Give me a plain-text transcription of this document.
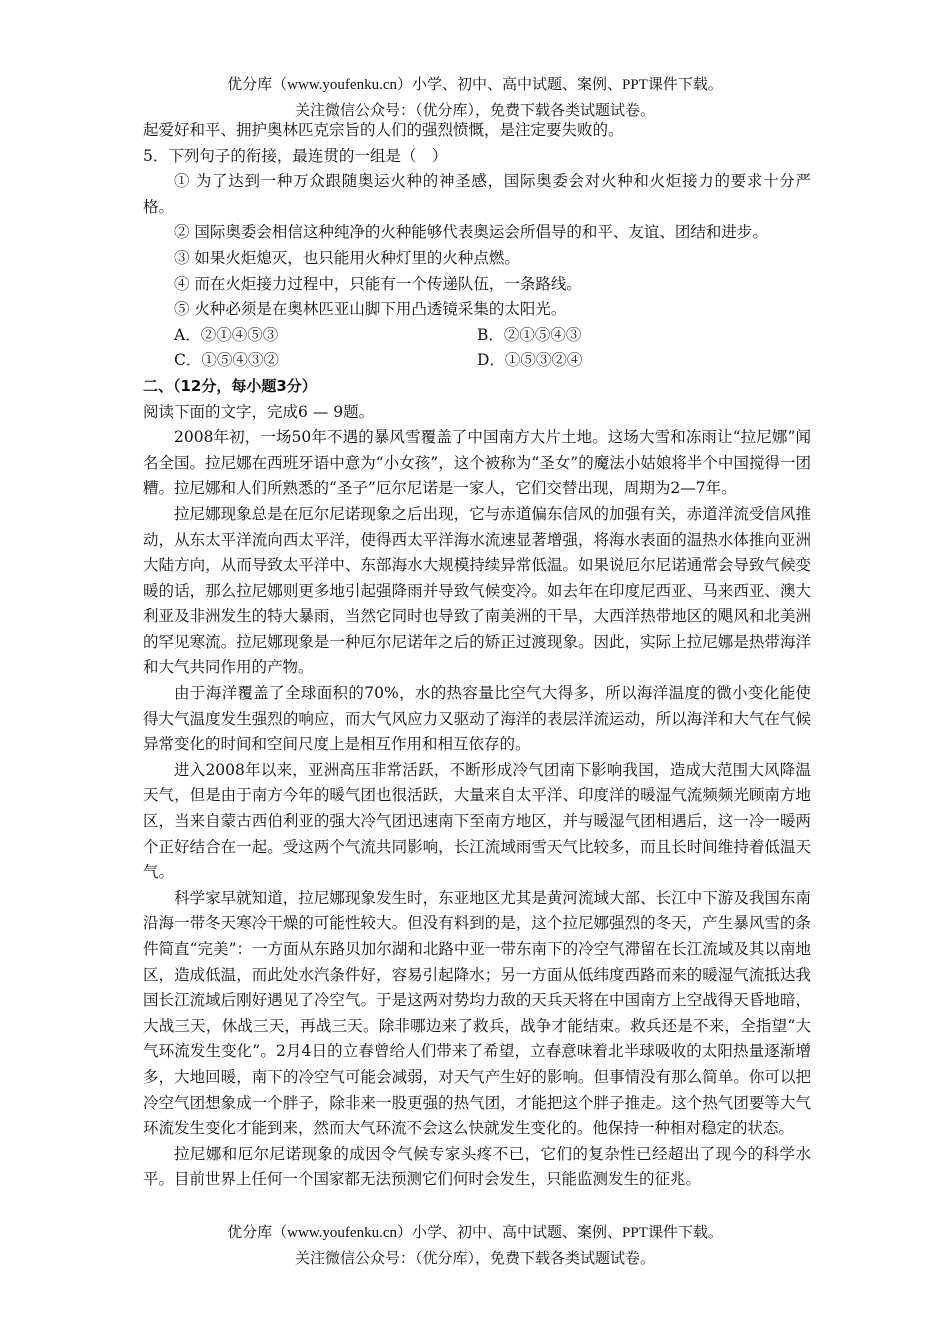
优分库（www.youfenku.cn）小学、初中、高中试题、案例、PPT课件下载。
关注微信公众号：（优分库），免费下载各类试题试卷。

起爱好和平、拥护奥林匹克宗旨的人们的强烈愤慨，是注定要失败的。

5．下列句子的衔接，最连贯的一组是（　）

① 为了达到一种万众跟随奥运火种的神圣感，国际奥委会对火种和火炬接力的要求十分严格。

② 国际奥委会相信这种纯净的火种能够代表奥运会所倡导的和平、友谊、团结和进步。

③ 如果火炬熄灭，也只能用火种灯里的火种点燃。

④ 而在火炬接力过程中，只能有一个传递队伍，一条路线。

⑤ 火种必须是在奥林匹亚山脚下用凸透镜采集的太阳光。

A．②①④⑤③	B．②①⑤④③
C．①⑤④③②	D．①⑤③②④

二、（12分，每小题3分）

阅读下面的文字，完成6 — 9题。

2008年初，一场50年不遇的暴风雪覆盖了中国南方大片土地。这场大雪和冻雨让“拉尼娜”闻名全国。拉尼娜在西班牙语中意为“小女孩”，这个被称为“圣女”的魔法小姑娘将半个中国搅得一团糟。拉尼娜和人们所熟悉的“圣子”厄尔尼诺是一家人，它们交替出现，周期为2—7年。

拉尼娜现象总是在厄尔尼诺现象之后出现，它与赤道偏东信风的加强有关，赤道洋流受信风推动，从东太平洋流向西太平洋，使得西太平洋海水流速显著增强，将海水表面的温热水体推向亚洲大陆方向，从而导致太平洋中、东部海水大规模持续异常低温。如果说厄尔尼诺通常会导致气候变暖的话，那么拉尼娜则更多地引起强降雨并导致气候变冷。如去年在印度尼西亚、马来西亚、澳大利亚及非洲发生的特大暴雨，当然它同时也导致了南美洲的干旱，大西洋热带地区的飓风和北美洲的罕见寒流。拉尼娜现象是一种厄尔尼诺年之后的矫正过渡现象。因此，实际上拉尼娜是热带海洋和大气共同作用的产物。

由于海洋覆盖了全球面积的70%，水的热容量比空气大得多，所以海洋温度的微小变化能使得大气温度发生强烈的响应，而大气风应力又驱动了海洋的表层洋流运动，所以海洋和大气在气候异常变化的时间和空间尺度上是相互作用和相互依存的。

进入2008年以来，亚洲高压非常活跃，不断形成冷气团南下影响我国，造成大范围大风降温天气，但是由于南方今年的暖气团也很活跃，大量来自太平洋、印度洋的暖湿气流频频光顾南方地区，当来自蒙古西伯利亚的强大冷气团迅速南下至南方地区，并与暖湿气团相遇后，这一冷一暖两个正好结合在一起。受这两个气流共同影响，长江流域雨雪天气比较多，而且长时间维持着低温天气。

科学家早就知道，拉尼娜现象发生时，东亚地区尤其是黄河流域大部、长江中下游及我国东南沿海一带冬天寒冷干燥的可能性较大。但没有料到的是，这个拉尼娜强烈的冬天，产生暴风雪的条件简直“完美”：一方面从东路贝加尔湖和北路中亚一带东南下的冷空气滞留在长江流域及其以南地区，造成低温，而此处水汽条件好，容易引起降水；另一方面从低纬度西路而来的暖湿气流抵达我国长江流域后刚好遇见了冷空气。于是这两对势均力敌的天兵天将在中国南方上空战得天昏地暗，大战三天，休战三天，再战三天。除非哪边来了救兵，战争才能结束。救兵还是不来，全指望“大气环流发生变化”。2月4日的立春曾给人们带来了希望，立春意味着北半球吸收的太阳热量逐渐增多，大地回暖，南下的冷空气可能会减弱，对天气产生好的影响。但事情没有那么简单。你可以把冷空气团想象成一个胖子，除非来一股更强的热气团，才能把这个胖子推走。这个热气团要等大气环流发生变化才能到来，然而大气环流不会这么快就发生变化的。他保持一种相对稳定的状态。

拉尼娜和厄尔尼诺现象的成因令气候专家头疼不已，它们的复杂性已经超出了现今的科学水平。目前世界上任何一个国家都无法预测它们何时会发生，只能监测发生的征兆。

优分库（www.youfenku.cn）小学、初中、高中试题、案例、PPT课件下载。
关注微信公众号：（优分库），免费下载各类试题试卷。
